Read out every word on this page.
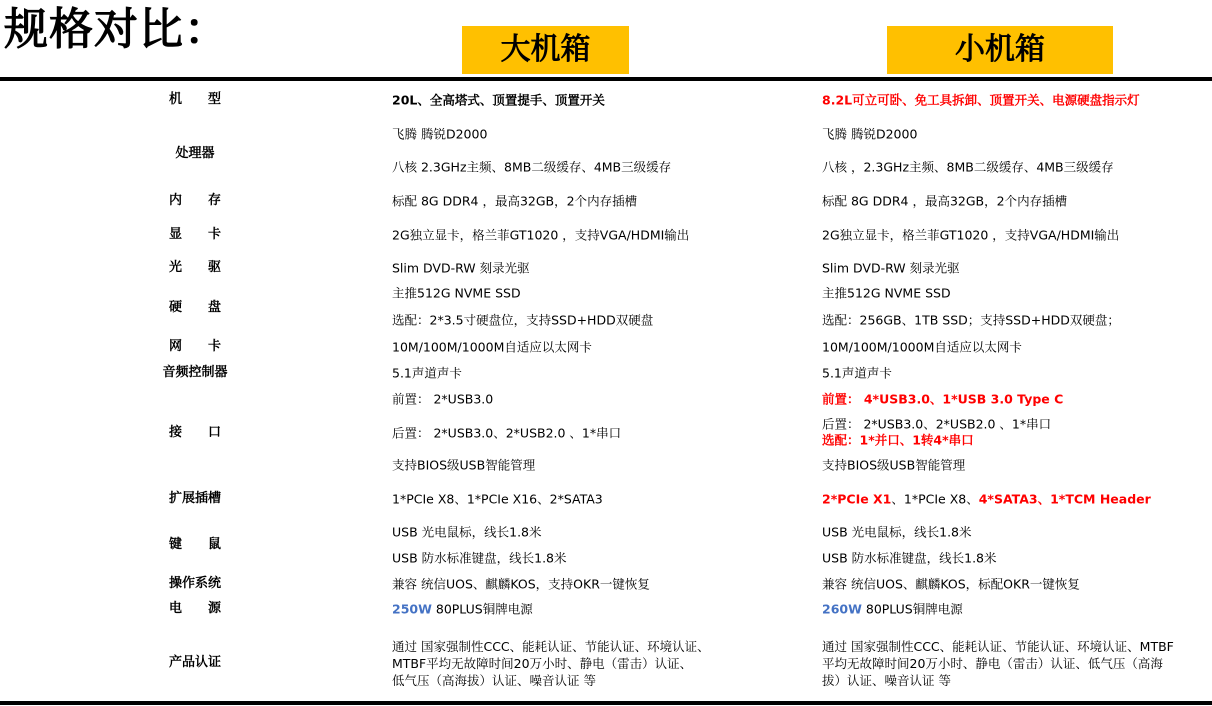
规格对比：	大机箱	小机箱
机　　型
处理器
内　　存
显　　卡
光　　驱
硬　　盘
网　　卡
音频控制器
接　　口
扩展插槽
键　　鼠
操作系统
电　　源
产品认证
20L、全高塔式、顶置提手、顶置开关
飞腾 腾锐D2000
八核 2.3GHz主频、8MB二级缓存、4MB三级缓存
标配 8G DDR4 ，最高32GB，2个内存插槽
2G独立显卡，格兰菲GT1020 ，支持VGA/HDMI输出
Slim DVD-RW 刻录光驱
主推512G NVME SSD
选配：2*3.5寸硬盘位，支持SSD+HDD双硬盘
10M/100M/1000M自适应以太网卡
5.1声道声卡
前置： 2*USB3.0
后置： 2*USB3.0、2*USB2.0 、1*串口
支持BIOS级USB智能管理
1*PCIe X8、1*PCIe X16、2*SATA3
USB 光电鼠标，线长1.8米
USB 防水标准键盘，线长1.8米
兼容 统信UOS、麒麟KOS，支持OKR一键恢复
250W 80PLUS铜牌电源
通过 国家强制性CCC、能耗认证、节能认证、环境认证、
MTBF平均无故障时间20万小时、静电（雷击）认证、
低气压（高海拔）认证、噪音认证 等
8.2L可立可卧、免工具拆卸、顶置开关、电源硬盘指示灯
飞腾 腾锐D2000
八核 ，2.3GHz主频、8MB二级缓存、4MB三级缓存
标配 8G DDR4 ，最高32GB，2个内存插槽
2G独立显卡，格兰菲GT1020 ，支持VGA/HDMI输出
Slim DVD-RW 刻录光驱
主推512G NVME SSD
选配：256GB、1TB SSD；支持SSD+HDD双硬盘；
10M/100M/1000M自适应以太网卡
5.1声道声卡
前置： 4*USB3.0、1*USB 3.0 Type C
后置： 2*USB3.0、2*USB2.0 、1*串口
选配：1*并口、1转4*串口
支持BIOS级USB智能管理
2*PCIe X1、1*PCIe X8、4*SATA3、1*TCM Header
USB 光电鼠标，线长1.8米
USB 防水标准键盘，线长1.8米
兼容 统信UOS、麒麟KOS，标配OKR一键恢复
260W 80PLUS铜牌电源
通过 国家强制性CCC、能耗认证、节能认证、环境认证、MTBF
平均无故障时间20万小时、静电（雷击）认证、低气压（高海
拔）认证、噪音认证 等
